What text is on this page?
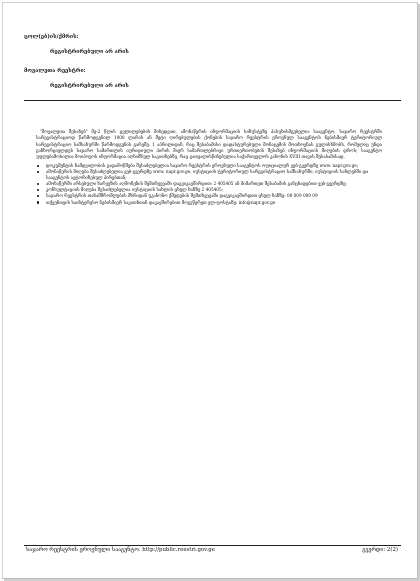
ცოლ(ებ)ის/ქმრის:
რეგისტრირებული არ არის
მოვალეთა რეესტრი:
რეგისტრირებული არ არის
"მოვალეთა შესახებ" მე-2 წლის ცვლილებების მიხედვით, ამონაწერის ინფორმაციის სიზუსტეზე პასუხისმგებელია სააგენტო, საჯარო რეესტრში სარეგისტრაციოდ წარმოდგენილ 1000 ლარის ან მეტი ღირებულების ქონების საჯარო რეესტრის ეროვნულ სააგენტოს ნებისმიერ ტერიტორიულ სარეგისტრაციო სამსახურში წარმოდგენის გარეშე. 1 აპრილიდან, რაც შესაბამისი დადასტურებული მონაცემის მოთხოვნას გულისხმობს, რომელიც უნდა განხორციელდეს საჯარო სამართლის იურიდიული პირის მიერ სამართლებრივი ურთიერთობების შესახებ ინფორმაციის მიღების დროს; სააგენტო უფლებამოსილია მოიპოვოს ინფორმაცია აღნიშნულ საკითხებზე, რაც გათვალისწინებულია საქართველოს კანონის XVIII თავის შესაბამისად.
დოკუმენტის ნამდვილობის გადამოწმება შესაძლებელია საჯარო რეესტრის ეროვნული სააგენტოს ოფიციალურ ვებ-გვერდზე www. napr.gov.ge;
ამონაწერის მიღება შესაძლებელია ვებ-გვერდზე www. napr.gov.ge, იუსტიციის ტერიტორიულ სარეგისტრაციო სამსახურში, იუსტიციის სახლებში და სააგენტოს ავტორიზებულ პირებთან;
ამონაწერში არსებული ხარვეზის აღმოჩენის შემთხვევაში დაგვიკავშირდით: 2 405405 ან მიმართეთ შესაბამის განცხადებით ვებ-გვერდზე;
კონსულტაციის მიღება შესაძლებელია იუსტიციის სახლის ცხელ ხაზზე 2 405405;
საჯარო რეესტრის თანამშრომლების მხრიდან უკანონო ქმედების შემთხვევაში დაგვიკავშირდით ცხელ ხაზზე: 08 009 009 09
თქვენთვის საინტერესო ნებისმიერ საკითხთან დაკავშირებით მოგვწერეთ ელ-ფოსტაზე: info@napr.gov.ge
საჯარო რეესტრის ეროვნული სააგენტო. http://public.reestri.gov.ge	გვერდი: 2(2)
